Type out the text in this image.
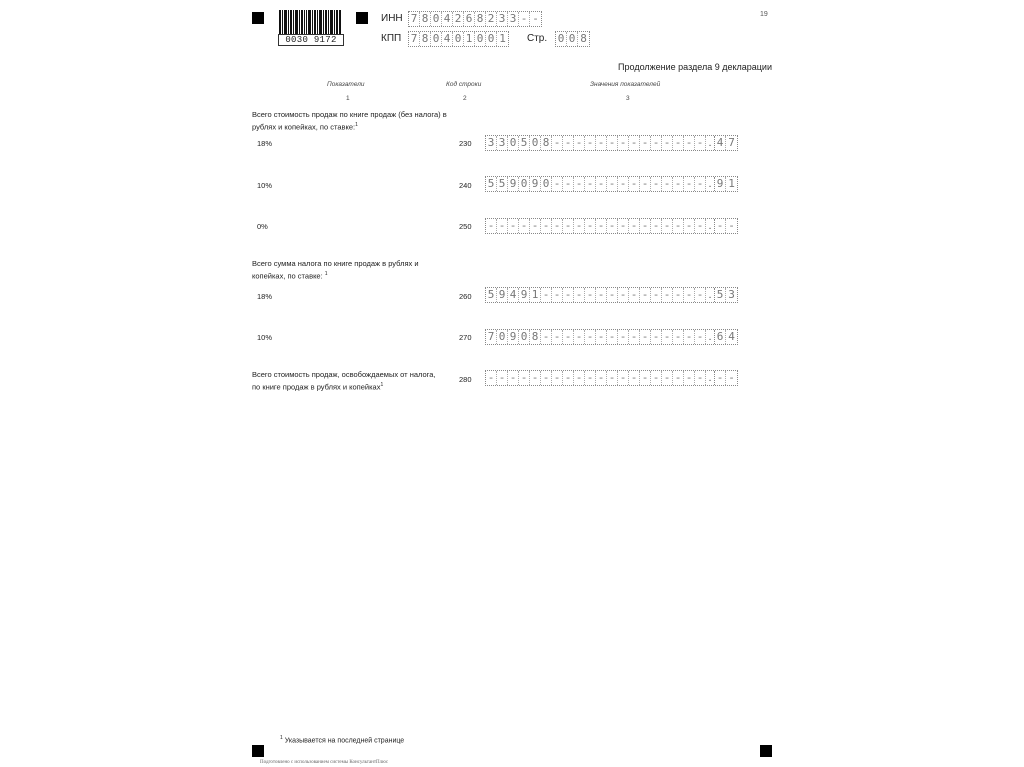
0030 9172
19
ИНН 7 8 0 4 2 6 8 2 3 3 - -
КПП 7 8 0 4 0 1 0 0 1 Стр. 0 0 8
Продолжение раздела 9 декларации
Показатели
1
Код строки
2
Значения показателей
3
Всего стоимость продаж по книге продаж (без налога) в рублях и копейках, по ставке:$^1$
18%	230 3 3 0 5 0 8 - - - - - - - - - - - - - - . 4 7
10%	240 5 5 9 0 9 0 - - - - - - - - - - - - - - . 9 1
0%	250 - - - - - - - - - - - - - - - - - - - - . - -
Всего сумма налога по книге продаж в рублях и копейках, по ставке: $^1$
18%	260 5 9 4 9 1 - - - - - - - - - - - - - - - . 5 3
10%	270 7 0 9 0 8 - - - - - - - - - - - - - - - . 6 4
Всего стоимость продаж, освобождаемых от налога, по книге продаж в рублях и копейках$^1$
280 - - - - - - - - - - - - - - - - - - - - . - -
$^1$ Указывается на последней странице
Подготовлено с использованием системы КонсультантПлюс
